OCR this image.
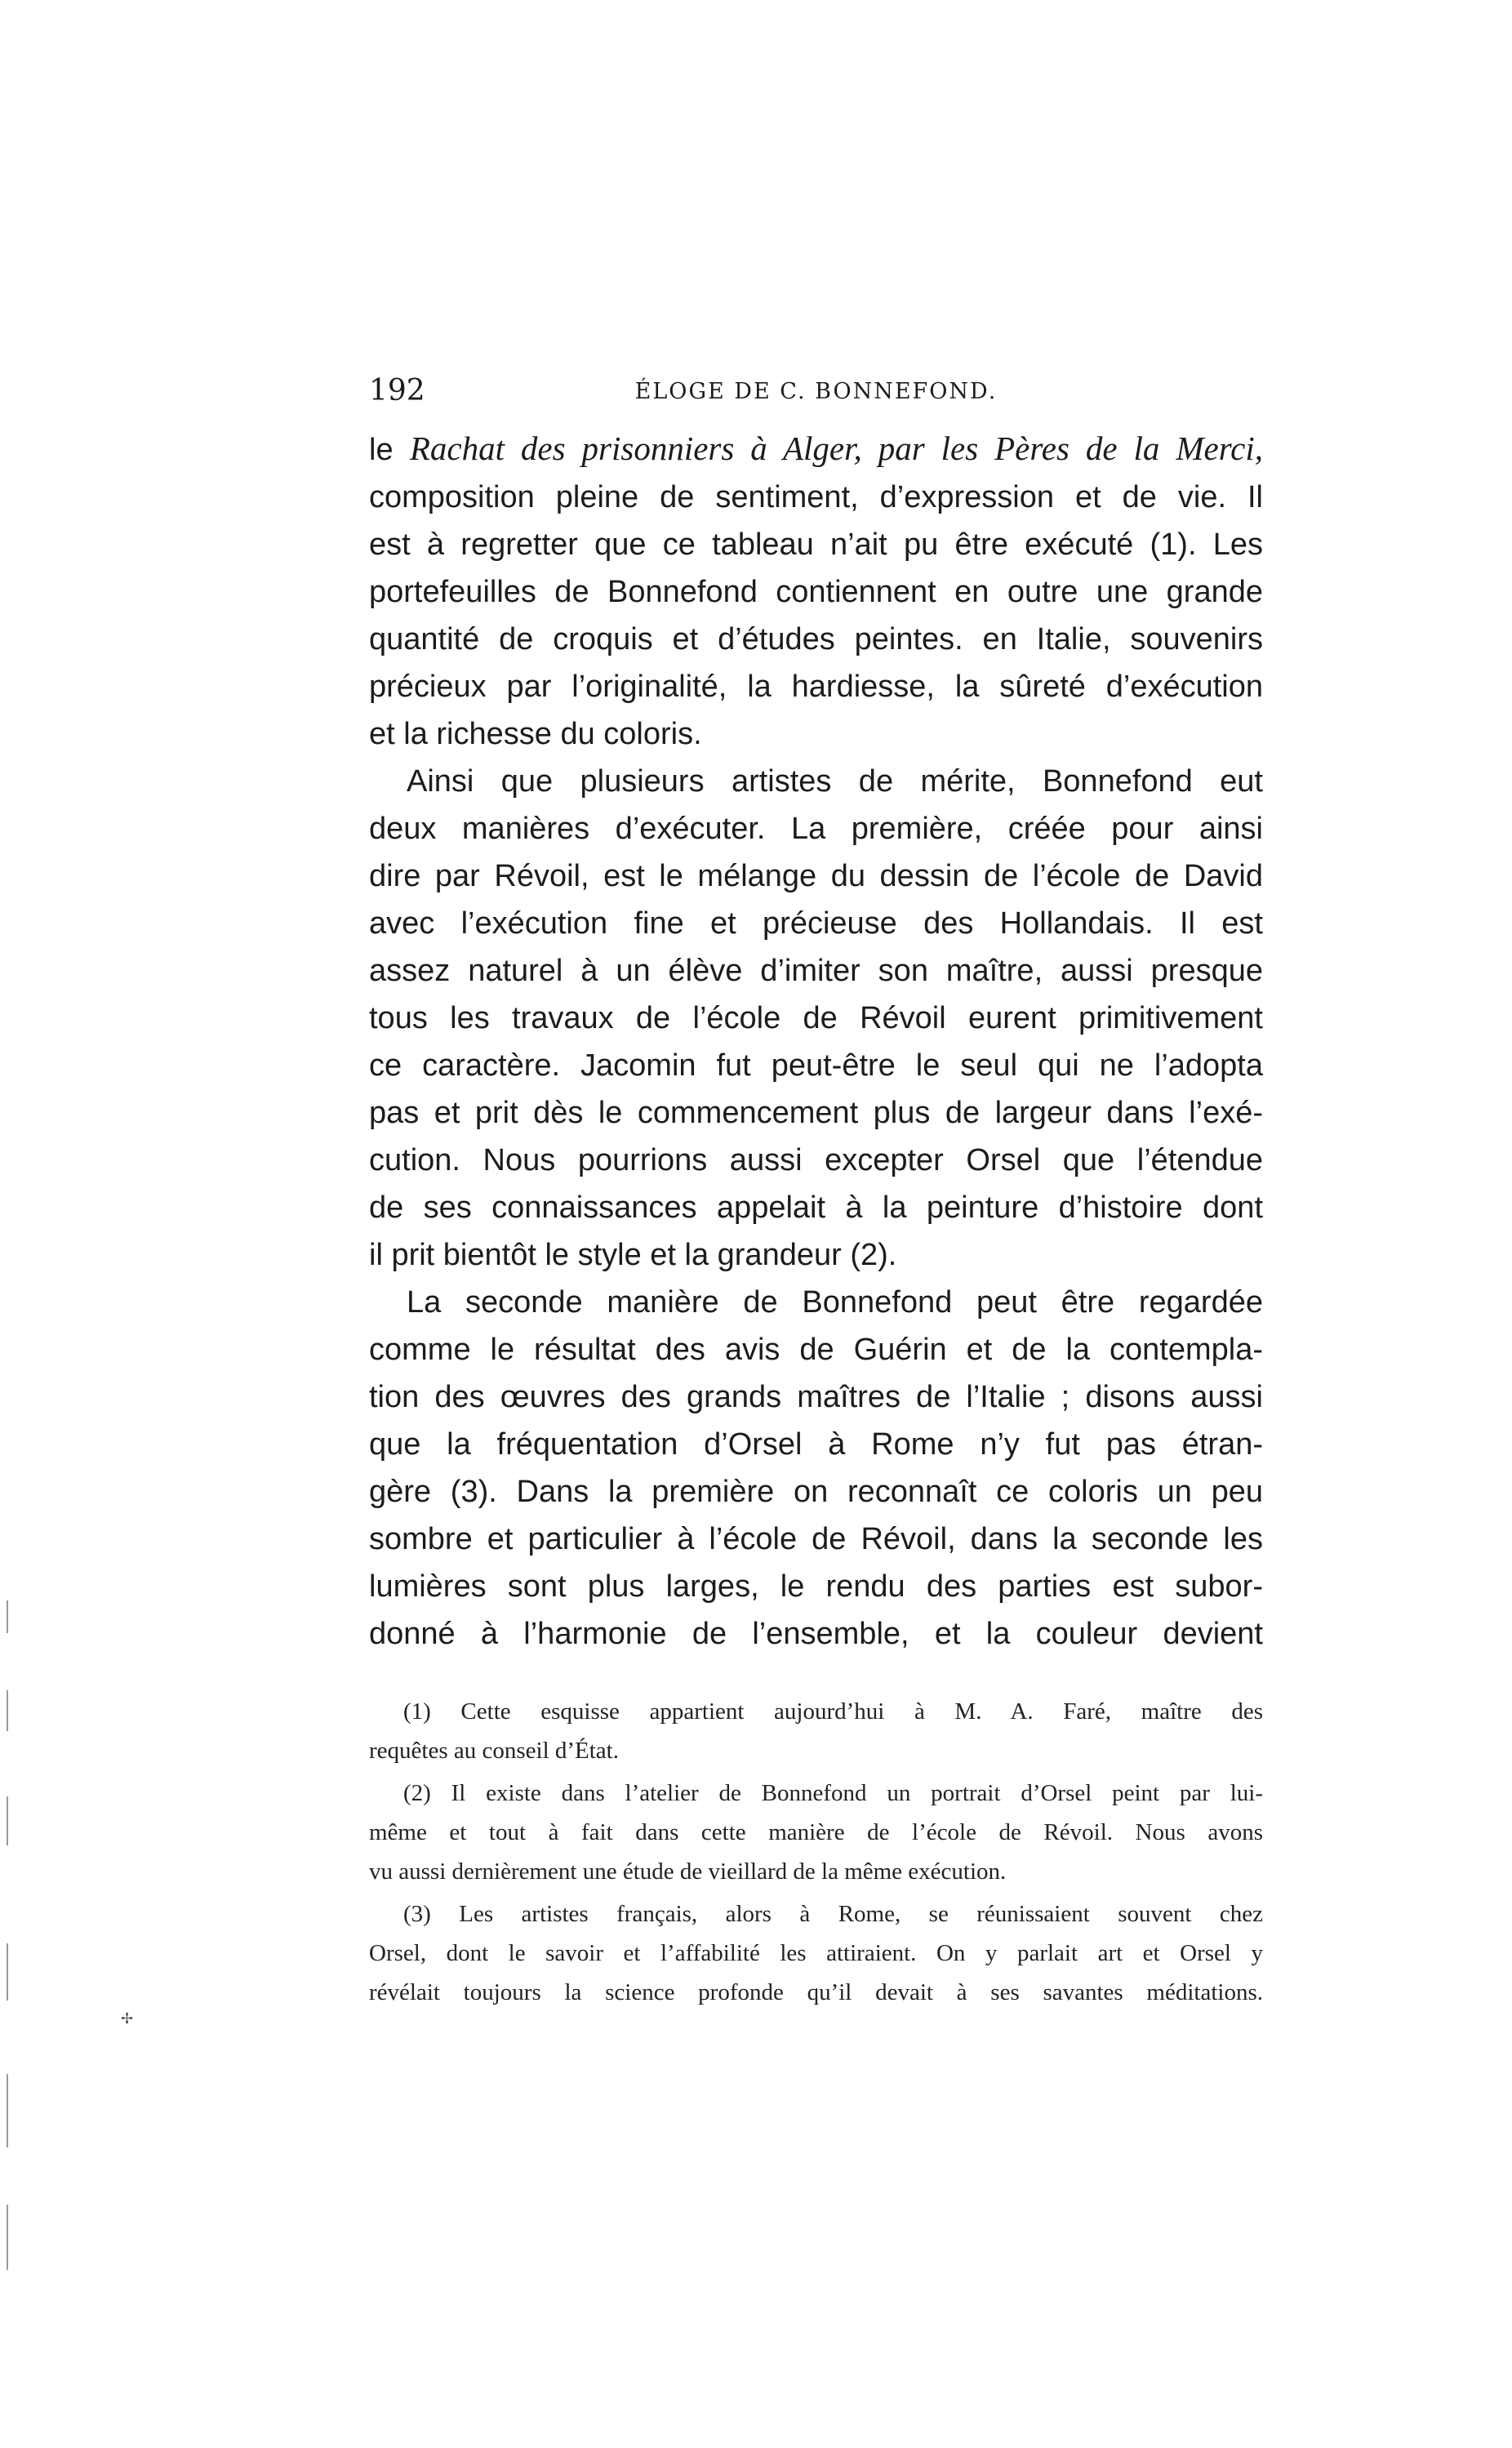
192	ÉLOGE DE C. BONNEFOND.

le Rachat des prisonniers à Alger, par les Pères de la Merci,
composition pleine de sentiment, d’expression et de vie. Il
est à regretter que ce tableau n’ait pu être exécuté (1). Les
portefeuilles de Bonnefond contiennent en outre une grande
quantité de croquis et d’études peintes. en Italie, souvenirs
précieux par l’originalité, la hardiesse, la sûreté d’exécution
et la richesse du coloris.

Ainsi que plusieurs artistes de mérite, Bonnefond eut
deux manières d’exécuter. La première, créée pour ainsi
dire par Révoil, est le mélange du dessin de l’école de David
avec l’exécution fine et précieuse des Hollandais. Il est
assez naturel à un élève d’imiter son maître, aussi presque
tous les travaux de l’école de Révoil eurent primitivement
ce caractère. Jacomin fut peut-être le seul qui ne l’adopta
pas et prit dès le commencement plus de largeur dans l’exé-
cution. Nous pourrions aussi excepter Orsel que l’étendue
de ses connaissances appelait à la peinture d’histoire dont
il prit bientôt le style et la grandeur (2).

La seconde manière de Bonnefond peut être regardée
comme le résultat des avis de Guérin et de la contempla-
tion des œuvres des grands maîtres de l’Italie ; disons aussi
que la fréquentation d’Orsel à Rome n’y fut pas étran-
gère (3). Dans la première on reconnaît ce coloris un peu
sombre et particulier à l’école de Révoil, dans la seconde les
lumières sont plus larges, le rendu des parties est subor-
donné à l’harmonie de l’ensemble, et la couleur devient

(1) Cette esquisse appartient aujourd’hui à M. A. Faré, maître des
requêtes au conseil d’État.

(2) Il existe dans l’atelier de Bonnefond un portrait d’Orsel peint par lui-
même et tout à fait dans cette manière de l’école de Révoil. Nous avons
vu aussi dernièrement une étude de vieillard de la même exécution.

(3) Les artistes français, alors à Rome, se réunissaient souvent chez
Orsel, dont le savoir et l’affabilité les attiraient. On y parlait art et Orsel y
révélait toujours la science profonde qu’il devait à ses savantes méditations.

✢
